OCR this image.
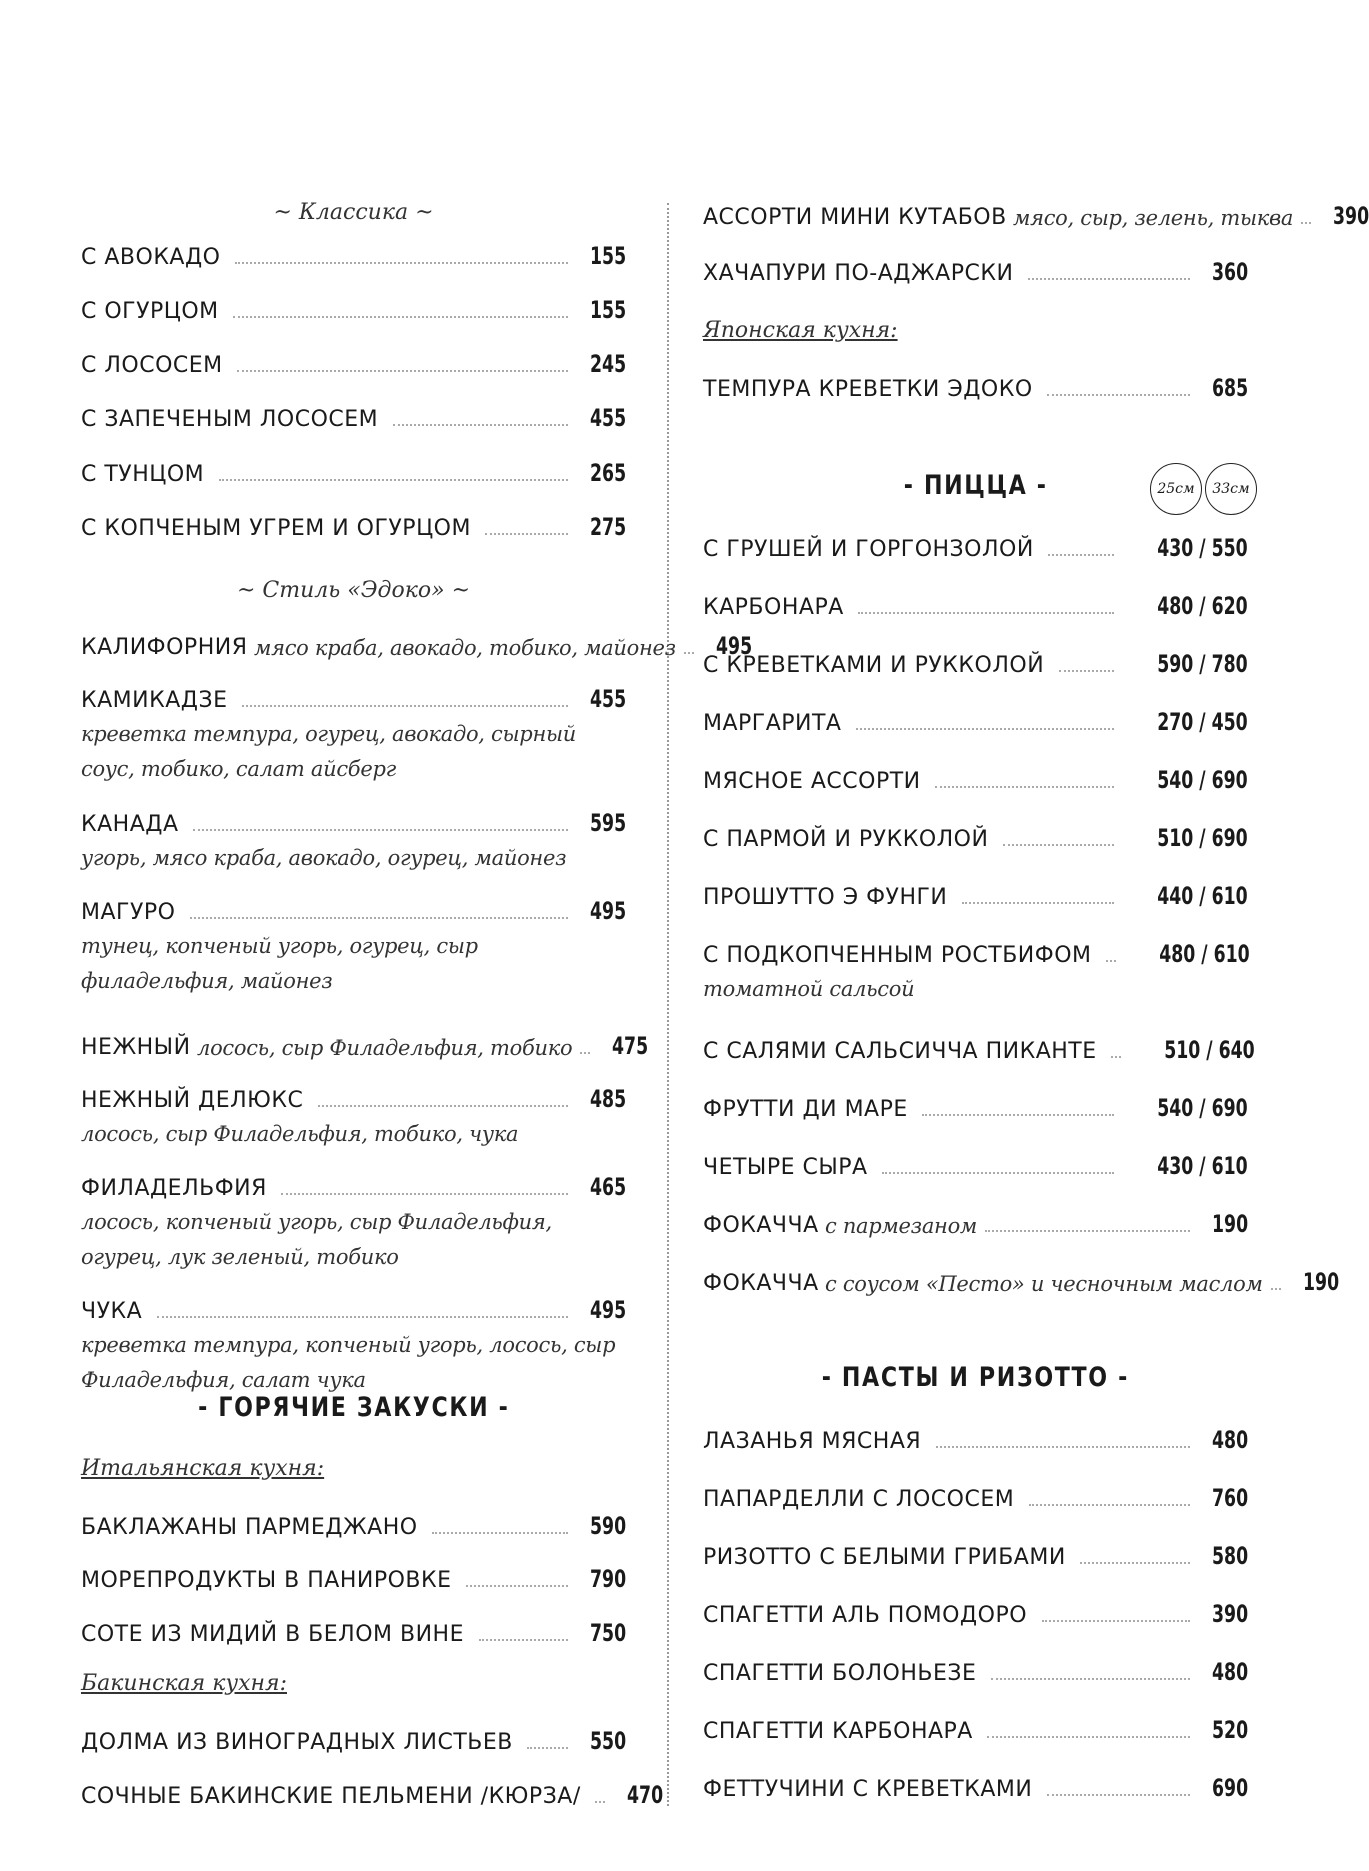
~ Классика ~
С АВОКАДО	155
С ОГУРЦОМ	155
С ЛОСОСЕМ	245
С ЗАПЕЧЕНЫМ ЛОСОСЕМ	455
С ТУНЦОМ	265
С КОПЧЕНЫМ УГРЕМ И ОГУРЦОМ	275
~ Стиль «Эдоко» ~
КАЛИФОРНИЯ мясо краба, авокадо, тобико, майонез 495
КАМИКАДЗЕ	455
креветка темпура, огурец, авокадо, сырный соус, тобико, салат айсберг
КАНАДА	595
угорь, мясо краба, авокадо, огурец, майонез
МАГУРО	495
тунец, копченый угорь, огурец, сыр филадельфия, майонез
НЕЖНЫЙ лосось, сыр Филадельфия, тобико 475
НЕЖНЫЙ ДЕЛЮКС	485
лосось, сыр Филадельфия, тобико, чука
ФИЛАДЕЛЬФИЯ	465
лосось, копченый угорь, сыр Филадельфия, огурец, лук зеленый, тобико
ЧУКА	495
креветка темпура, копченый угорь, лосось, сыр Филадельфия, салат чука
- ГОРЯЧИЕ ЗАКУСКИ -
Итальянская кухня:
БАКЛАЖАНЫ ПАРМЕДЖАНО	590
МОРЕПРОДУКТЫ В ПАНИРОВКЕ	790
СОТЕ ИЗ МИДИЙ В БЕЛОМ ВИНЕ	750
Бакинская кухня:
ДОЛМА ИЗ ВИНОГРАДНЫХ ЛИСТЬЕВ	550
СОЧНЫЕ БАКИНСКИЕ ПЕЛЬМЕНИ /КЮРЗА/ 470
АССОРТИ МИНИ КУТАБОВ мясо, сыр, зелень, тыква 390
ХАЧАПУРИ ПО-АДЖАРСКИ	360
Японская кухня:
ТЕМПУРА КРЕВЕТКИ ЭДОКО	685
- ПИЦЦА -
С ГРУШЕЙ И ГОРГОНЗОЛОЙ	430 / 550
КАРБОНАРА	480 / 620
С КРЕВЕТКАМИ И РУККОЛОЙ	590 / 780
МАРГАРИТА	270 / 450
МЯСНОЕ АССОРТИ	540 / 690
С ПАРМОЙ И РУККОЛОЙ	510 / 690
ПРОШУТТО Э ФУНГИ	440 / 610
С ПОДКОПЧЕННЫМ РОСТБИФОМ	480 / 610
томатной сальсой
С САЛЯМИ САЛЬСИЧЧА ПИКАНТЕ	510 / 640
ФРУТТИ ДИ МАРЕ	540 / 690
ЧЕТЫРЕ СЫРА	430 / 610
ФОКАЧЧА с пармезаном	190
ФОКАЧЧА с соусом «Песто» и чесночным маслом 190
- ПАСТЫ И РИЗОТТО -
ЛАЗАНЬЯ МЯСНАЯ	480
ПАПАРДЕЛЛИ С ЛОСОСЕМ	760
РИЗОТТО С БЕЛЫМИ ГРИБАМИ	580
СПАГЕТТИ АЛЬ ПОМОДОРО	390
СПАГЕТТИ БОЛОНЬЕЗЕ	480
СПАГЕТТИ КАРБОНАРА	520
ФЕТТУЧИНИ С КРЕВЕТКАМИ	690
25см	33см
